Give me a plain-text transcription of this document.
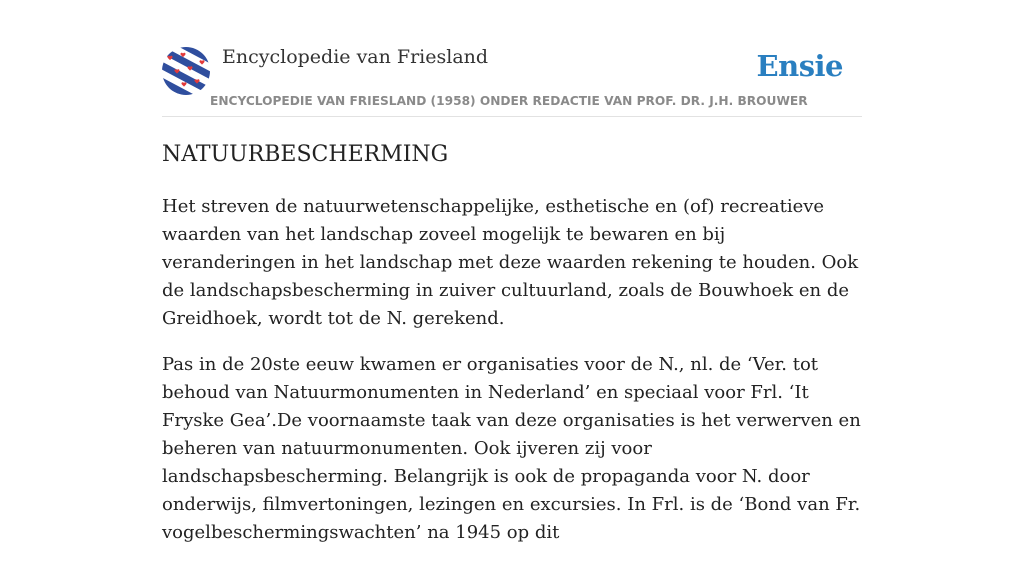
Encyclopedie van Friesland	Ensie
ENCYCLOPEDIE VAN FRIESLAND (1958) ONDER REDACTIE VAN PROF. DR. J.H. BROUWER
NATUURBESCHERMING

Het streven de natuurwetenschappelijke, esthetische en (of) recreatieve waarden van het landschap zoveel mogelijk te bewaren en bij veranderingen in het landschap met deze waarden rekening te houden. Ook de landschapsbescherming in zuiver cultuurland, zoals de Bouwhoek en de Greidhoek, wordt tot de N. gerekend.

Pas in de 20ste eeuw kwamen er organisaties voor de N., nl. de ‘Ver. tot behoud van Natuurmonumenten in Nederland’ en speciaal voor Frl. ‘It Fryske Gea’.De voornaamste taak van deze organisaties is het verwerven en beheren van natuurmonumenten. Ook ijveren zij voor landschapsbescherming. Belangrijk is ook de propaganda voor N. door onderwijs, filmvertoningen, lezingen en excursies. In Frl. is de ‘Bond van Fr. vogelbeschermingswachten’ na 1945 op dit
